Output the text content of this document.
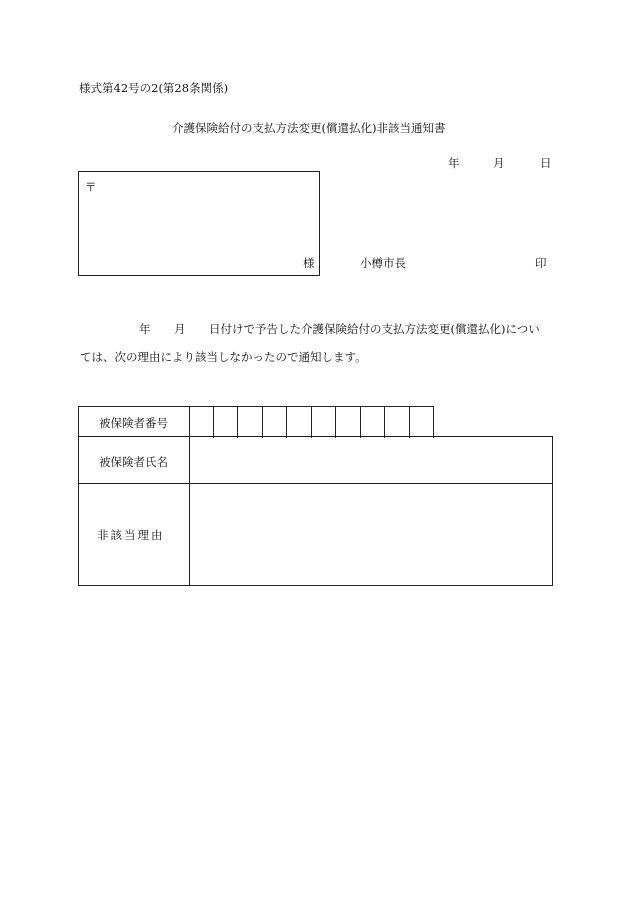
様式第42号の2(第28条関係)
介護保険給付の支払方法変更(償還払化)非該当通知書
年	月	日
〒
様	小樽市長	印
年 月 日付けで予告した介護保険給付の支払方法変更(償還払化)につい
ては、次の理由により該当しなかったので通知します。
被保険者番号
被保険者氏名
非該当理由
